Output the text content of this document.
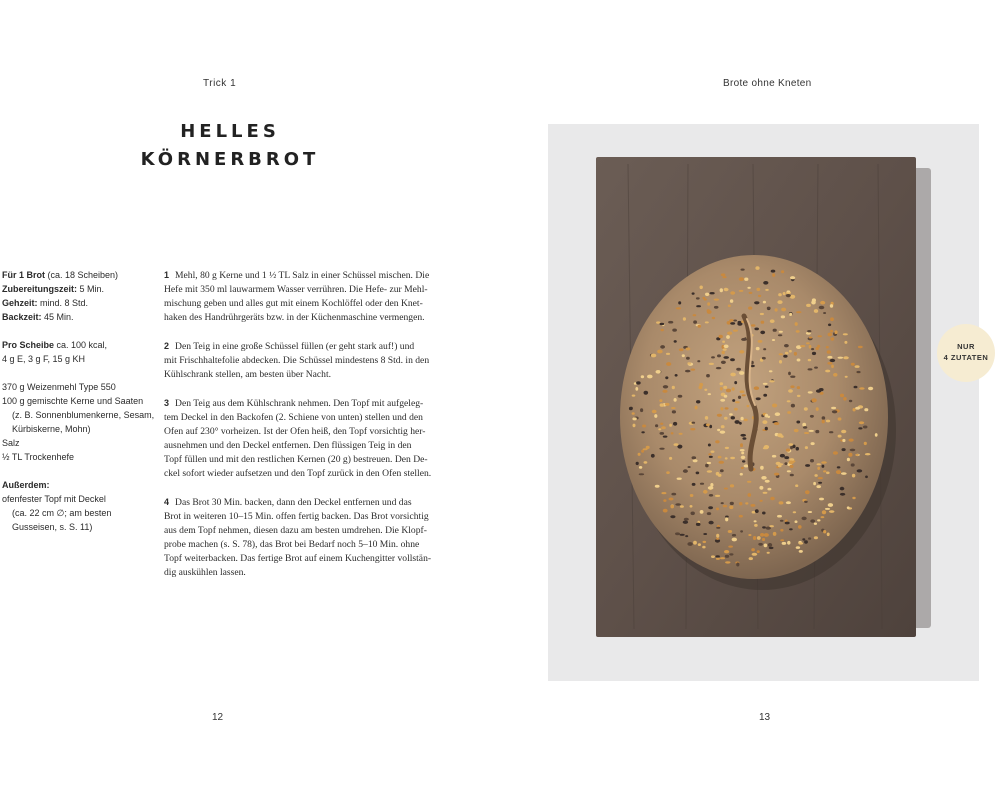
Trick 1	Brote ohne Kneten
HELLES
KÖRNERBROT
Für 1 Brot (ca. 18 Scheiben)
Zubereitungszeit: 5 Min.
Gehzeit: mind. 8 Std.
Backzeit: 45 Min.
Pro Scheibe ca. 100 kcal,
4 g E, 3 g F, 15 g KH
370 g Weizenmehl Type 550
100 g gemischte Kerne und Saaten
(z. B. Sonnenblumenkerne, Sesam,
Kürbiskerne, Mohn)
Salz
½ TL Trockenhefe
Außerdem:
ofenfester Topf mit Deckel
(ca. 22 cm ∅; am besten
Gusseisen, s. S. 11)
1 Mehl, 80 g Kerne und 1 ½ TL Salz in einer Schüssel mischen. Die
Hefe mit 350 ml lauwarmem Wasser verrühren. Die Hefe- zur Mehl-
mischung geben und alles gut mit einem Kochlöffel oder den Knet-
haken des Handrührgeräts bzw. in der Küchenmaschine vermengen.
2 Den Teig in eine große Schüssel füllen (er geht stark auf!) und
mit Frischhaltefolie abdecken. Die Schüssel mindestens 8 Std. in den
Kühlschrank stellen, am besten über Nacht.
3 Den Teig aus dem Kühlschrank nehmen. Den Topf mit aufgeleg-
tem Deckel in den Backofen (2. Schiene von unten) stellen und den
Ofen auf 230° vorheizen. Ist der Ofen heiß, den Topf vorsichtig her-
ausnehmen und den Deckel entfernen. Den flüssigen Teig in den
Topf füllen und mit den restlichen Kernen (20 g) bestreuen. Den De-
ckel sofort wieder aufsetzen und den Topf zurück in den Ofen stellen.
4 Das Brot 30 Min. backen, dann den Deckel entfernen und das
Brot in weiteren 10–15 Min. offen fertig backen. Das Brot vorsichtig
aus dem Topf nehmen, diesen dazu am besten umdrehen. Die Klopf-
probe machen (s. S. 78), das Brot bei Bedarf noch 5–10 Min. ohne
Topf weiterbacken. Das fertige Brot auf einem Kuchengitter vollstän-
dig auskühlen lassen.
12	13
NUR
4 ZUTATEN
